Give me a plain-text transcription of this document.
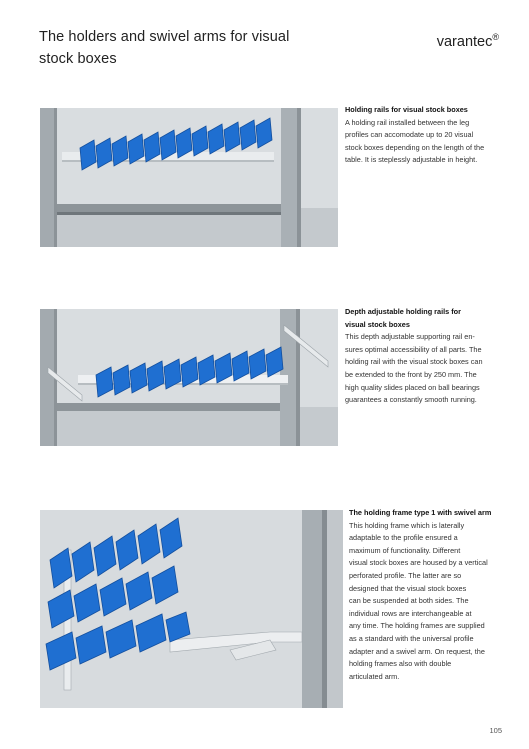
The holders and swivel arms for visual
stock boxes
varantec®
Holding rails for visual stock boxes
A holding rail installed between the leg
profiles can accomodate up to 20 visual
stock boxes depending on the length of the
table. It is steplessly adjustable in height.
Depth adjustable holding rails for
visual stock boxes
This depth adjustable supporting rail en-
sures optimal accessibility of all parts. The
holding rail with the visual stock boxes can
be extended to the front by 250 mm. The
high quality slides placed on ball bearings
guarantees a constantly smooth running.
The holding frame type 1 with swivel arm
This holding frame which is laterally
adaptable to the profile ensured a
maximum of functionality. Different
visual stock boxes are housed by a vertical
perforated profile. The latter are so
designed that the visual stock boxes
can be suspended at both sides. The
individual rows are interchangeable at
any time. The holding frames are supplied
as a standard with the universal profile
adapter and a swivel arm. On request, the
holding frames also with double
articulated arm.
105
